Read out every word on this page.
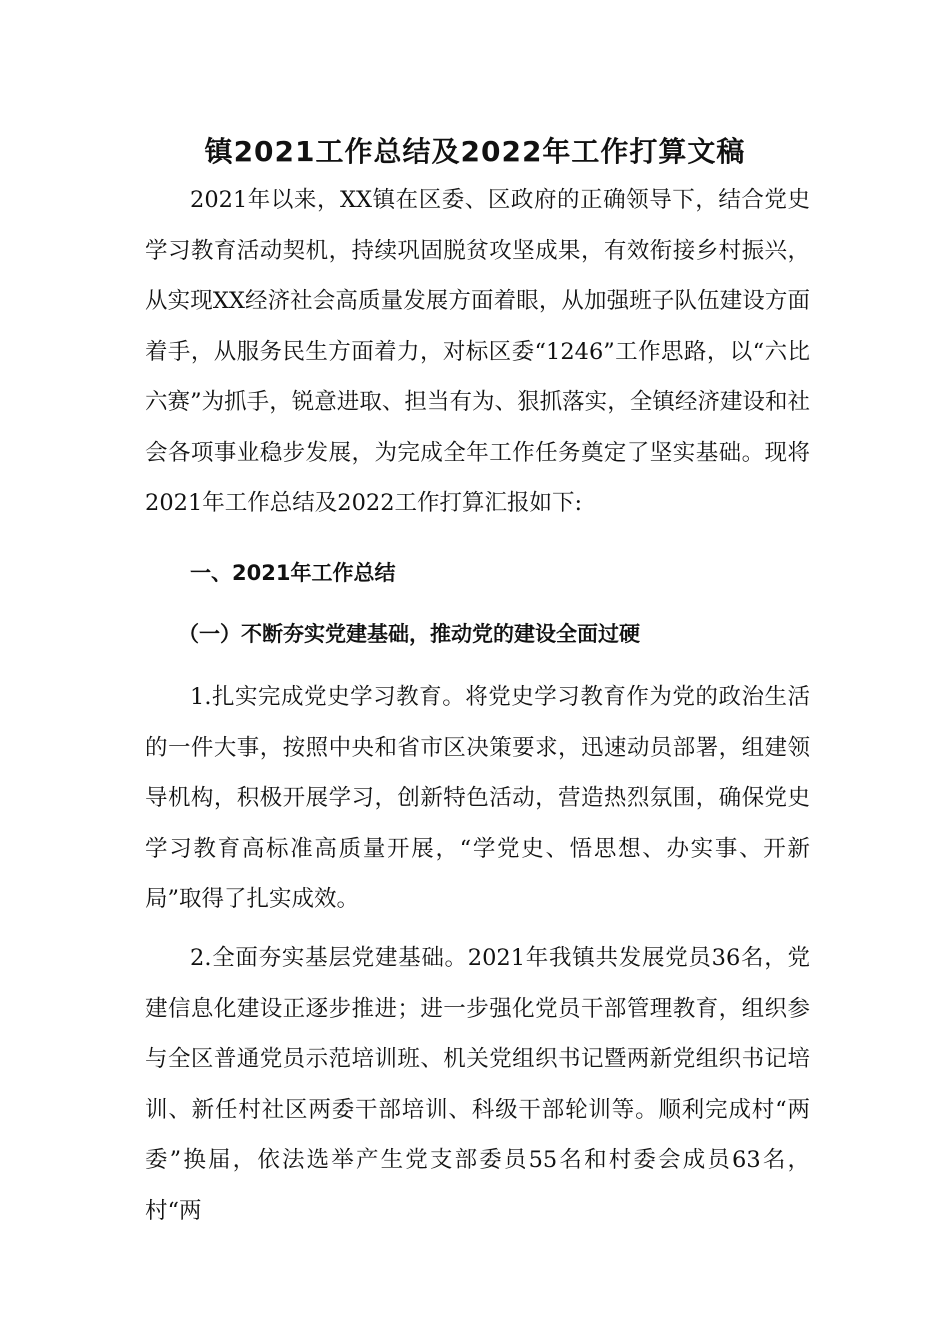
镇2021工作总结及2022年工作打算文稿

2021年以来，XX镇在区委、区政府的正确领导下，结合党史学习教育活动契机，持续巩固脱贫攻坚成果，有效衔接乡村振兴，从实现XX经济社会高质量发展方面着眼，从加强班子队伍建设方面着手，从服务民生方面着力，对标区委“1246”工作思路，以“六比六赛”为抓手，锐意进取、担当有为、狠抓落实，全镇经济建设和社会各项事业稳步发展，为完成全年工作任务奠定了坚实基础。现将2021年工作总结及2022工作打算汇报如下:

一、2021年工作总结
（一）不断夯实党建基础，推动党的建设全面过硬

1.扎实完成党史学习教育。将党史学习教育作为党的政治生活的一件大事，按照中央和省市区决策要求，迅速动员部署，组建领导机构，积极开展学习，创新特色活动，营造热烈氛围，确保党史学习教育高标准高质量开展，“学党史、悟思想、办实事、开新局”取得了扎实成效。

2.全面夯实基层党建基础。2021年我镇共发展党员36名，党建信息化建设正逐步推进；进一步强化党员干部管理教育，组织参与全区普通党员示范培训班、机关党组织书记暨两新党组织书记培训、新任村社区两委干部培训、科级干部轮训等。顺利完成村“两委”换届，依法选举产生党支部委员55名和村委会成员63名，村“两
